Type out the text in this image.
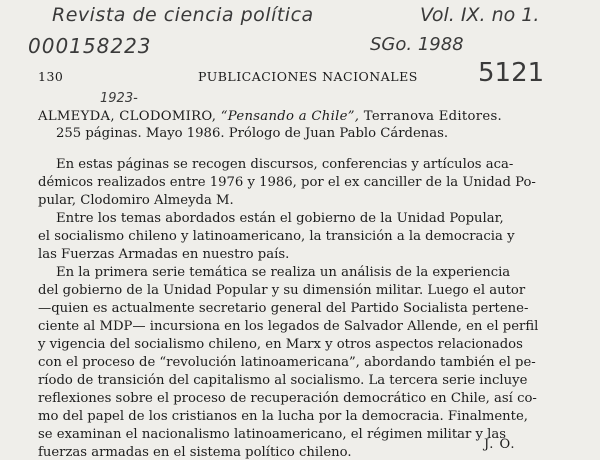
Revista de ciencia política	Vol. IX. no 1.
000158223	SGo. 1988
5121
1923-
130	PUBLICACIONES NACIONALES
ALMEYDA, CLODOMIRO, “Pensando a Chile”, Terranova Editores.
255 páginas. Mayo 1986. Prólogo de Juan Pablo Cárdenas.
En estas páginas se recogen discursos, conferencias y artículos aca-
démicos realizados entre 1976 y 1986, por el ex canciller de la Unidad Po-
pular, Clodomiro Almeyda M.
Entre los temas abordados están el gobierno de la Unidad Popular,
el socialismo chileno y latinoamericano, la transición a la democracia y
las Fuerzas Armadas en nuestro país.
En la primera serie temática se realiza un análisis de la experiencia
del gobierno de la Unidad Popular y su dimensión militar. Luego el autor
—quien es actualmente secretario general del Partido Socialista pertene-
ciente al MDP— incursiona en los legados de Salvador Allende, en el perfil
y vigencia del socialismo chileno, en Marx y otros aspectos relacionados
con el proceso de “revolución latinoamericana”, abordando también el pe-
ríodo de transición del capitalismo al socialismo. La tercera serie incluye
reflexiones sobre el proceso de recuperación democrático en Chile, así co-
mo del papel de los cristianos en la lucha por la democracia. Finalmente,
se examinan el nacionalismo latinoamericano, el régimen militar y las
fuerzas armadas en el sistema político chileno.
J. O.
